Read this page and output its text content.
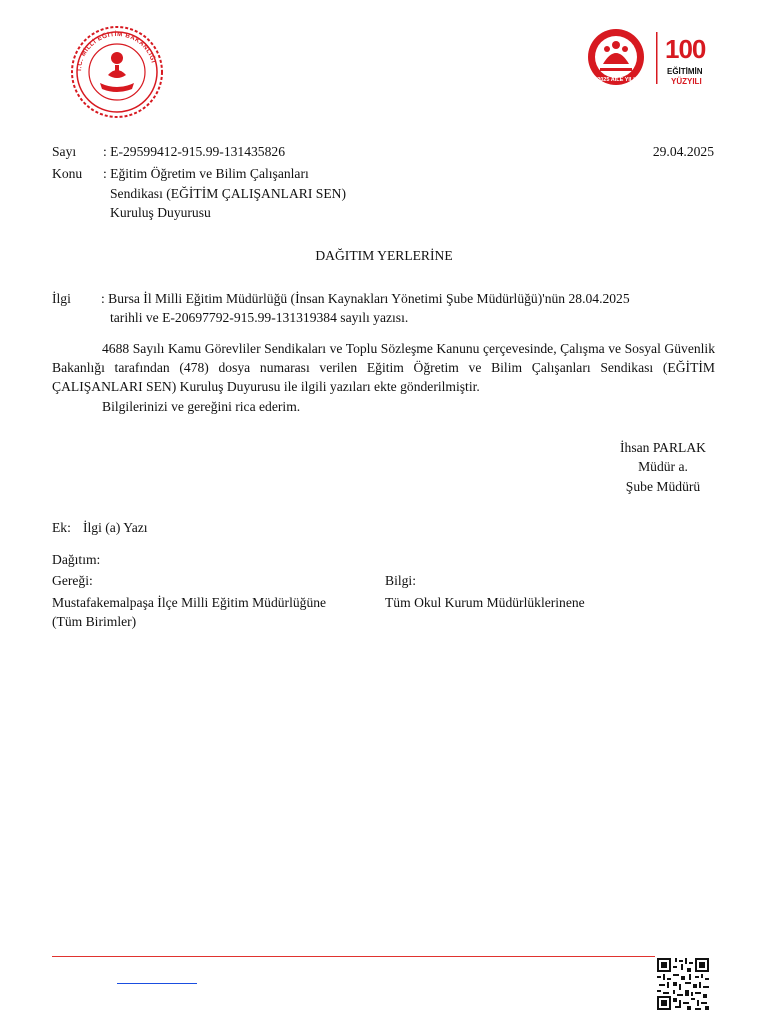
T.C. MİLLİ EĞİTİM BAKANLIĞI
2025 AİLE YILI
100
EĞİTİMİN
YÜZYILI
Sayı : E-29599412-915.99-131435826	29.04.2025
Konu : Eğitim Öğretim ve Bilim Çalışanları
Sendikası (EĞİTİM ÇALIŞANLARI SEN)
Kuruluş Duyurusu
DAĞITIM YERLERİNE
İlgi : Bursa İl Milli Eğitim Müdürlüğü (İnsan Kaynakları Yönetimi Şube Müdürlüğü)'nün 28.04.2025
tarihli ve E-20697792-915.99-131319384 sayılı yazısı.
4688 Sayılı Kamu Görevliler Sendikaları ve Toplu Sözleşme Kanunu çerçevesinde, Çalışma ve Sosyal Güvenlik Bakanlığı tarafından (478) dosya numarası verilen Eğitim Öğretim ve Bilim Çalışanları Sendikası (EĞİTİM ÇALIŞANLARI SEN) Kuruluş Duyurusu ile ilgili yazıları ekte gönderilmiştir.
Bilgilerinizi ve gereğini rica ederim.
İhsan PARLAK
Müdür a.
Şube Müdürü
Ek: İlgi (a) Yazı
Dağıtım:
Gereği:	Bilgi:
Mustafakemalpaşa İlçe Milli Eğitim Müdürlüğüne
(Tüm Birimler)
Tüm Okul Kurum Müdürlüklerinene
